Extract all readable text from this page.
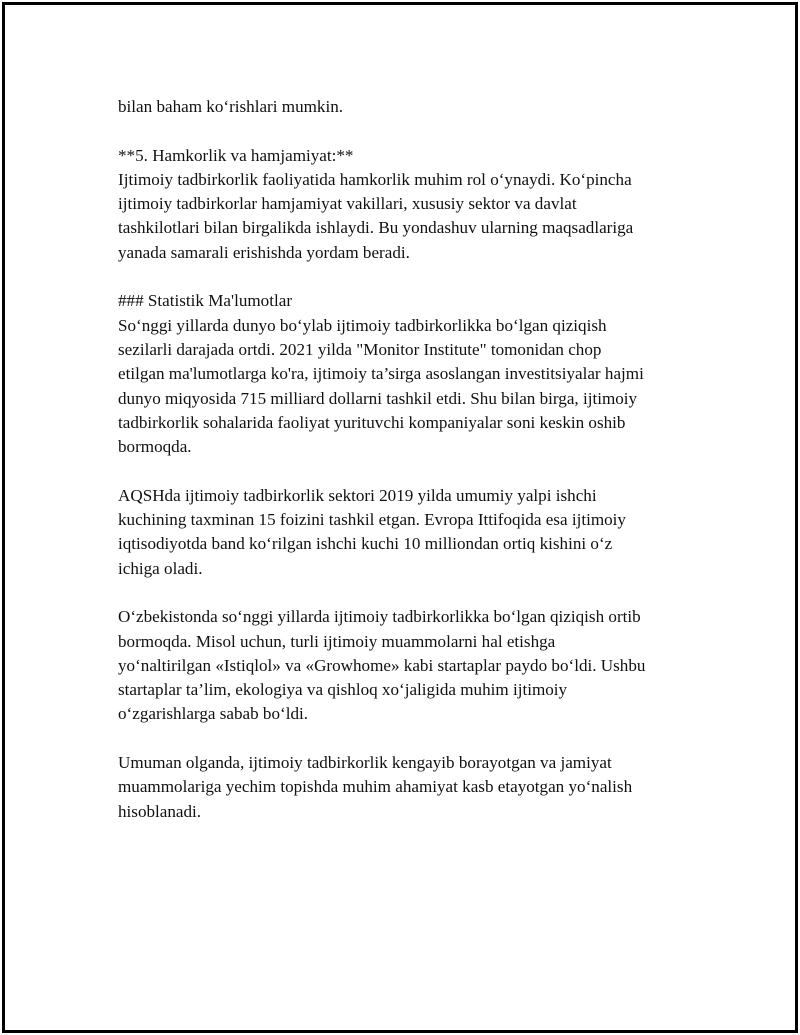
bilan baham ko‘rishlari mumkin.

**5. Hamkorlik va hamjamiyat:**
Ijtimoiy tadbirkorlik faoliyatida hamkorlik muhim rol o‘ynaydi. Ko‘pincha
ijtimoiy tadbirkorlar hamjamiyat vakillari, xususiy sektor va davlat
tashkilotlari bilan birgalikda ishlaydi. Bu yondashuv ularning maqsadlariga
yanada samarali erishishda yordam beradi.

### Statistik Ma'lumotlar
So‘nggi yillarda dunyo bo‘ylab ijtimoiy tadbirkorlikka bo‘lgan qiziqish
sezilarli darajada ortdi. 2021 yilda "Monitor Institute" tomonidan chop
etilgan ma'lumotlarga ko'ra, ijtimoiy ta’sirga asoslangan investitsiyalar hajmi
dunyo miqyosida 715 milliard dollarni tashkil etdi. Shu bilan birga, ijtimoiy
tadbirkorlik sohalarida faoliyat yurituvchi kompaniyalar soni keskin oshib
bormoqda.

AQSHda ijtimoiy tadbirkorlik sektori 2019 yilda umumiy yalpi ishchi
kuchining taxminan 15 foizini tashkil etgan. Evropa Ittifoqida esa ijtimoiy
iqtisodiyotda band ko‘rilgan ishchi kuchi 10 milliondan ortiq kishini o‘z
ichiga oladi.

O‘zbekistonda so‘nggi yillarda ijtimoiy tadbirkorlikka bo‘lgan qiziqish ortib
bormoqda. Misol uchun, turli ijtimoiy muammolarni hal etishga
yo‘naltirilgan «Istiqlol» va «Growhome» kabi startaplar paydo bo‘ldi. Ushbu
startaplar ta’lim, ekologiya va qishloq xo‘jaligida muhim ijtimoiy
o‘zgarishlarga sabab bo‘ldi.

Umuman olganda, ijtimoiy tadbirkorlik kengayib borayotgan va jamiyat
muammolariga yechim topishda muhim ahamiyat kasb etayotgan yo‘nalish
hisoblanadi.
